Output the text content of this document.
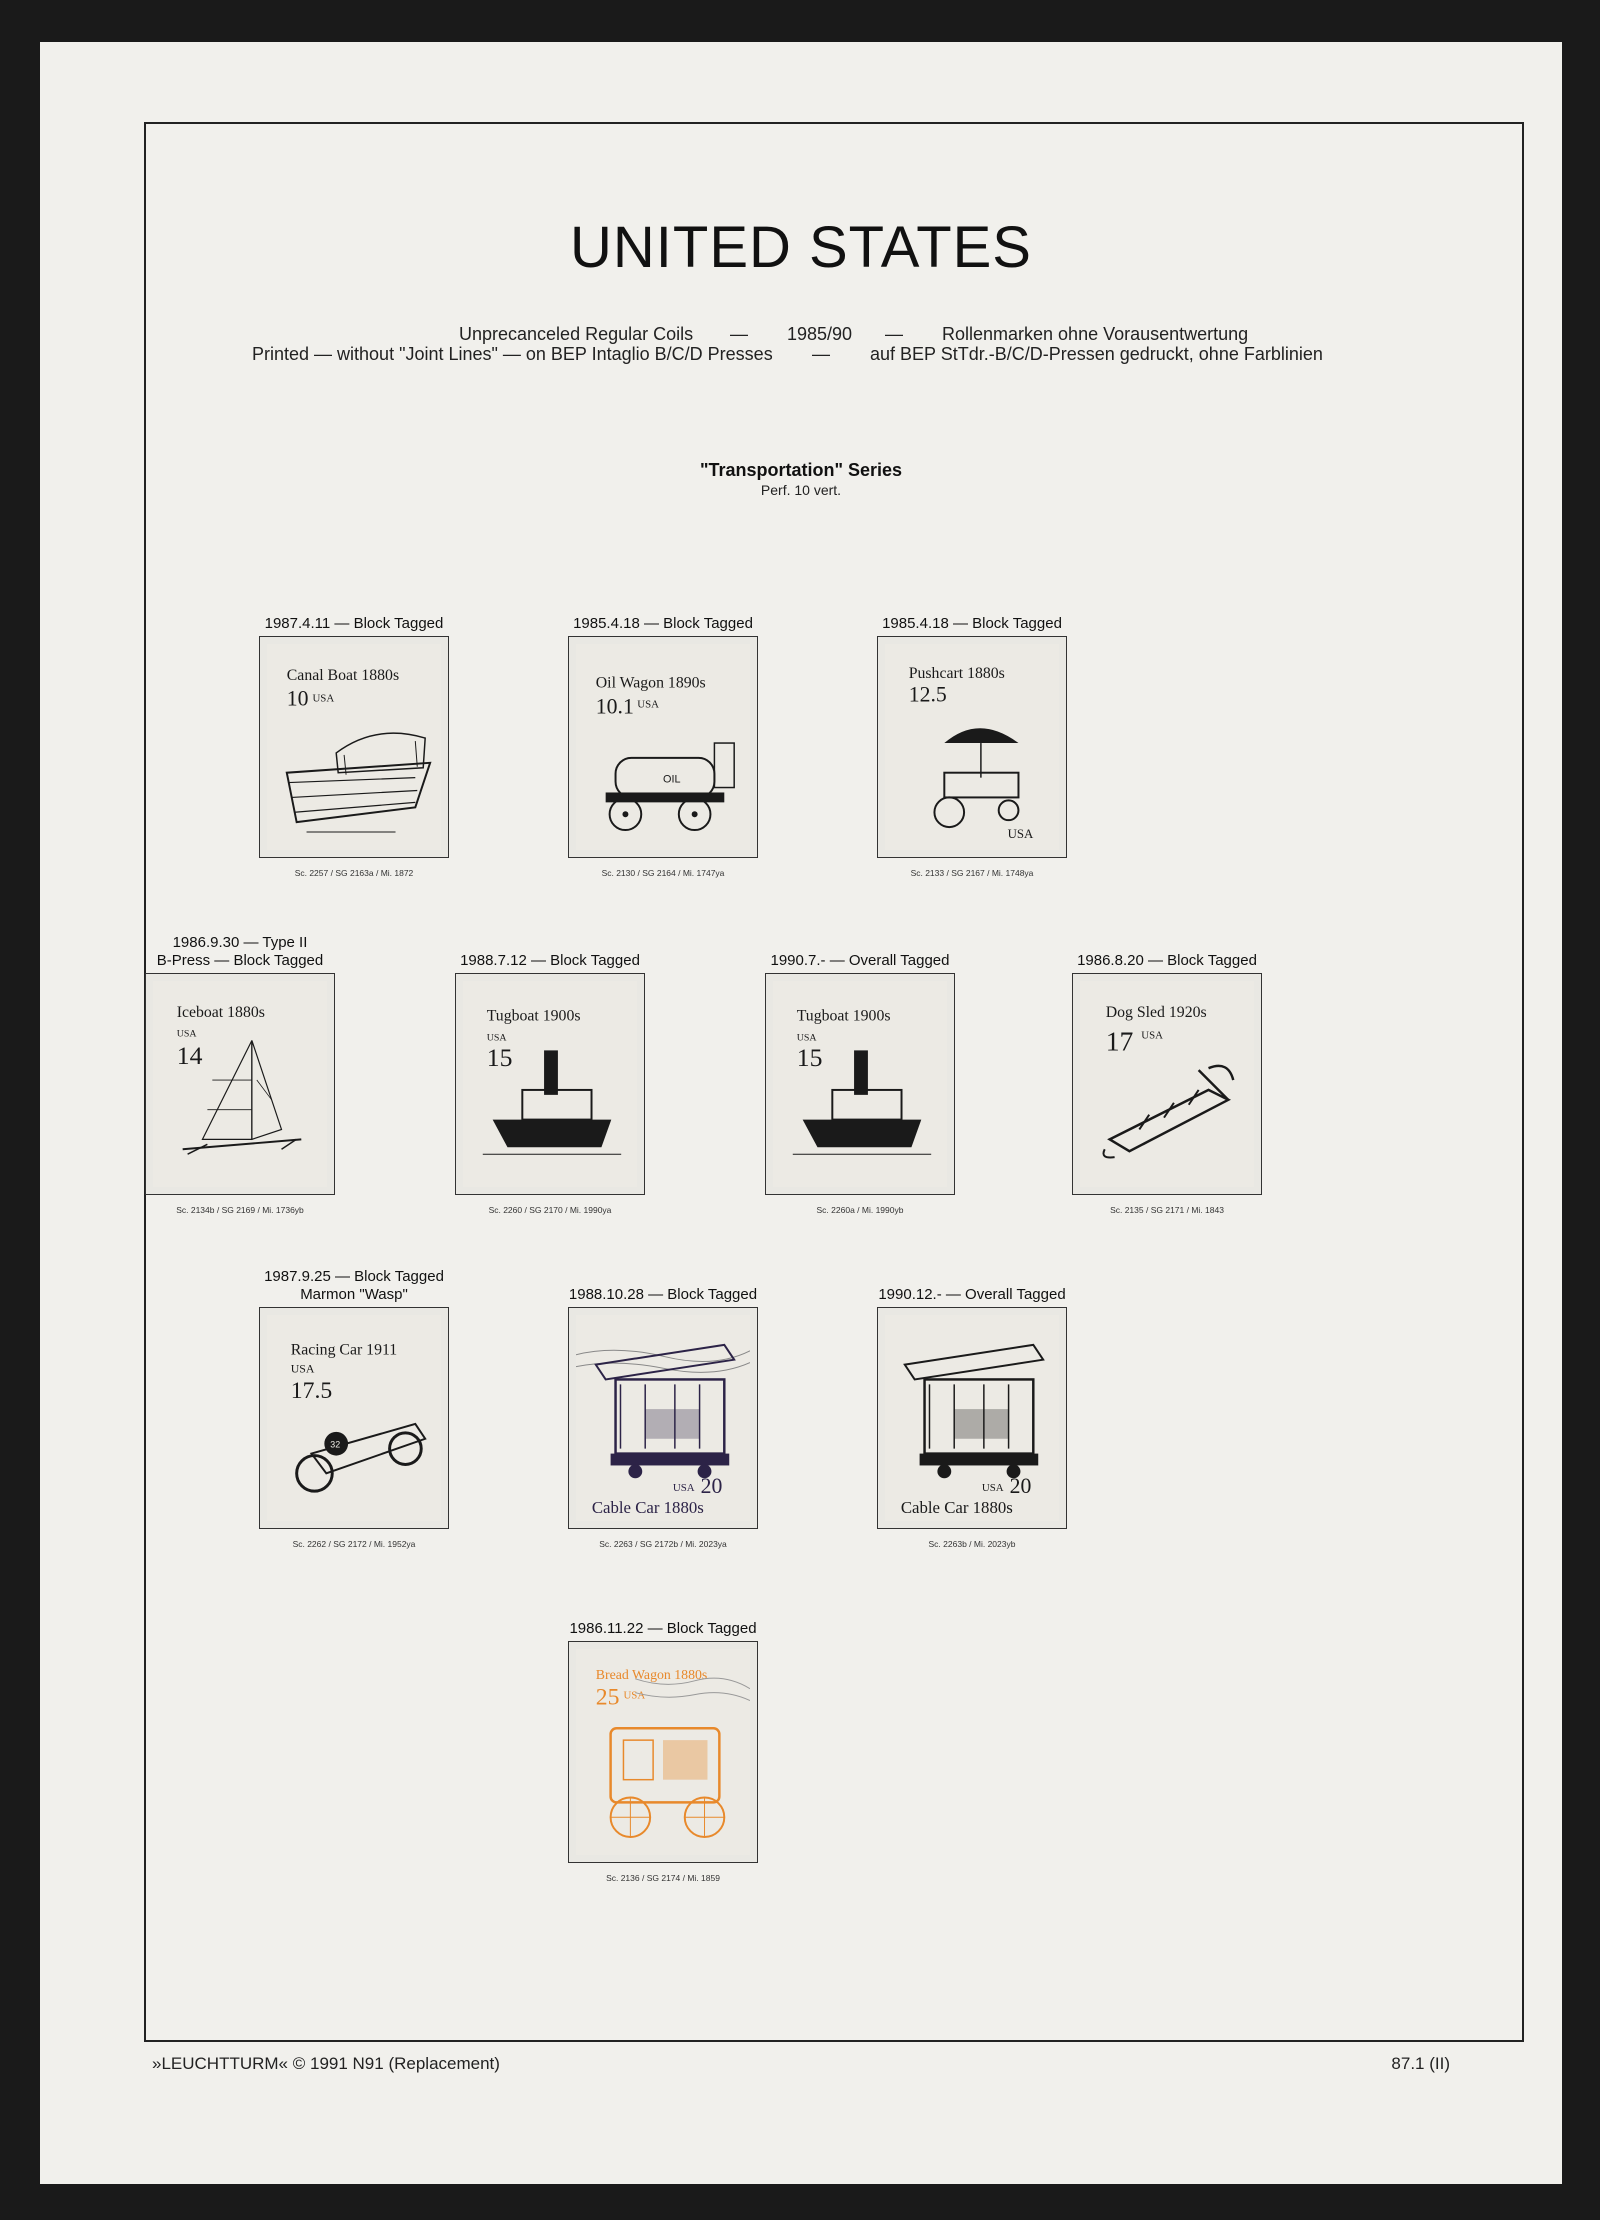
UNITED STATES
Unprecanceled Regular Coils — 1985/90 — Rollenmarken ohne Vorausentwertung
Printed — without "Joint Lines" — on BEP Intaglio B/C/D Presses — auf BEP StTdr.-B/C/D-Pressen gedruckt, ohne Farblinien
"Transportation" Series
Perf. 10 vert.
1987.4.11 — Block Tagged
Canal Boat 1880s
10 USA
Sc. 2257 / SG 2163a / Mi. 1872
1985.4.18 — Block Tagged
Oil Wagon 1890s
10.1 USA
OIL
Sc. 2130 / SG 2164 / Mi. 1747ya
1985.4.18 — Block Tagged
Pushcart 1880s
12.5
USA
Sc. 2133 / SG 2167 / Mi. 1748ya
1986.9.30 — Type II
B-Press — Block Tagged
Iceboat 1880s
USA
14
Sc. 2134b / SG 2169 / Mi. 1736yb
1988.7.12 — Block Tagged
Tugboat 1900s
USA
15
Sc. 2260 / SG 2170 / Mi. 1990ya
1990.7.- — Overall Tagged
Tugboat 1900s
USA
15
Sc. 2260a / Mi. 1990yb
1986.8.20 — Block Tagged
Dog Sled 1920s
17 USA
Sc. 2135 / SG 2171 / Mi. 1843
1987.9.25 — Block Tagged
Marmon "Wasp"
Racing Car 1911
USA
17.5
32
Sc. 2262 / SG 2172 / Mi. 1952ya
1988.10.28 — Block Tagged
USA 20
Cable Car 1880s
Sc. 2263 / SG 2172b / Mi. 2023ya
1990.12.- — Overall Tagged
USA 20
Cable Car 1880s
Sc. 2263b / Mi. 2023yb
1986.11.22 — Block Tagged
Bread Wagon 1880s
25 USA
Sc. 2136 / SG 2174 / Mi. 1859
»LEUCHTTURM« © 1991 N91 (Replacement)	87.1 (II)
